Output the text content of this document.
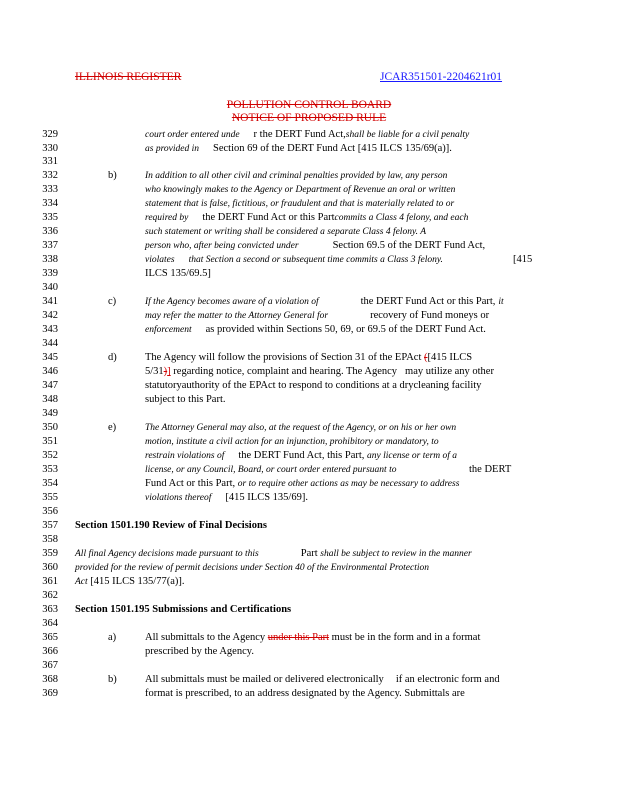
ILLINOIS REGISTER	JCAR351501-2204621r01
POLLUTION CONTROL BOARD
NOTICE OF PROPOSED RULE
329
330
331
332
333
334
335
336
337
338
339
340
341
342
343
344
345
346
347
348
349
350
351
352
353
354
355
356
357
358
359
360
361
362
363
364
365
366
367
368
369
court order entered unde r the DERT Fund Act,shall be liable for a civil penalty
as provided in Section 69 of the DERT Fund Act [415 ILCS 135/69(a)].
b)	In addition to all other civil and criminal penalties provided by law, any person
who knowingly makes to the Agency or Department of Revenue an oral or written
statement that is false, fictitious, or fraudulent and that is materially related to or
required by the DERT Fund Act or this Partcommits a Class 4 felony, and each
such statement or writing shall be considered a separate Class 4 felony. A
person who, after being convicted under	Section 69.5 of the DERT Fund Act,
violates that Section a second or subsequent time commits a Class 3 felony.	[415
ILCS 135/69.5]
c)	If the Agency becomes aware of a violation of	the DERT Fund Act or this Part, it
may refer the matter to the Attorney General for	recovery of Fund moneys or
enforcement as provided within Sections 50, 69, or 69.5 of the DERT Fund Act.
d)	The Agency will follow the provisions of Section 31 of the EPAct ([415 ILCS
5/31)] regarding notice, complaint and hearing. The Agency may utilize any other
statutoryauthority of the EPAct to respond to conditions at a drycleaning facility
subject to this Part.
e)	The Attorney General may also, at the request of the Agency, or on his or her own
motion, institute a civil action for an injunction, prohibitory or mandatory, to
restrain violations of the DERT Fund Act, this Part, any license or term of a
license, or any Council, Board, or court order entered pursuant to	the DERT
Fund Act or this Part, or to require other actions as may be necessary to address
violations thereof [415 ILCS 135/69].
Section 1501.190 Review of Final Decisions
All final Agency decisions made pursuant to this	Part shall be subject to review in the manner
provided for the review of permit decisions under Section 40 of the Environmental Protection
Act [415 ILCS 135/77(a)].
Section 1501.195 Submissions and Certifications
a)	All submittals to the Agency under this Part must be in the form and in a format
prescribed by the Agency.
b)	All submittals must be mailed or delivered electronically if an electronic form and
format is prescribed, to an address designated by the Agency. Submittals are
